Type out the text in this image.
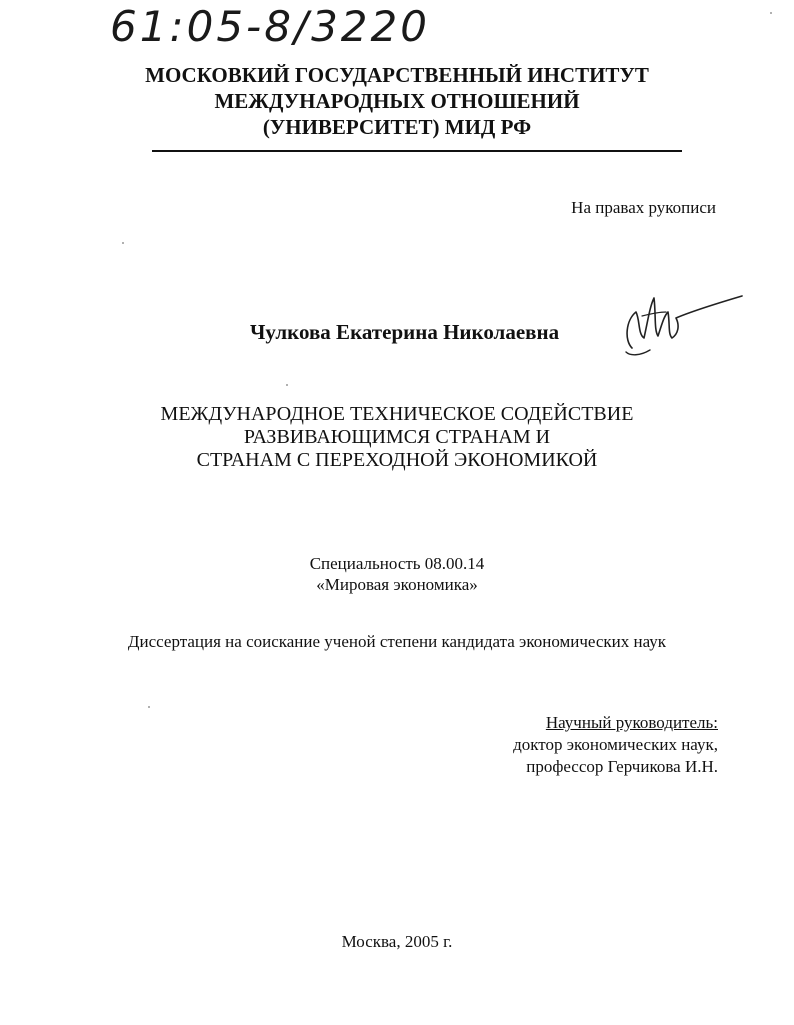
61:05-8/3220
МОСКОВКИЙ ГОСУДАРСТВЕННЫЙ ИНСТИТУТ
МЕЖДУНАРОДНЫХ ОТНОШЕНИЙ
(УНИВЕРСИТЕТ) МИД РФ
На правах рукописи
Чулкова Екатерина Николаевна
МЕЖДУНАРОДНОЕ ТЕХНИЧЕСКОЕ СОДЕЙСТВИЕ
РАЗВИВАЮЩИМСЯ СТРАНАМ И
СТРАНАМ С ПЕРЕХОДНОЙ ЭКОНОМИКОЙ
Специальность 08.00.14
«Мировая экономика»
Диссертация на соискание ученой степени кандидата экономических наук
Научный руководитель:
доктор экономических наук,
профессор Герчикова И.Н.
Москва, 2005 г.
